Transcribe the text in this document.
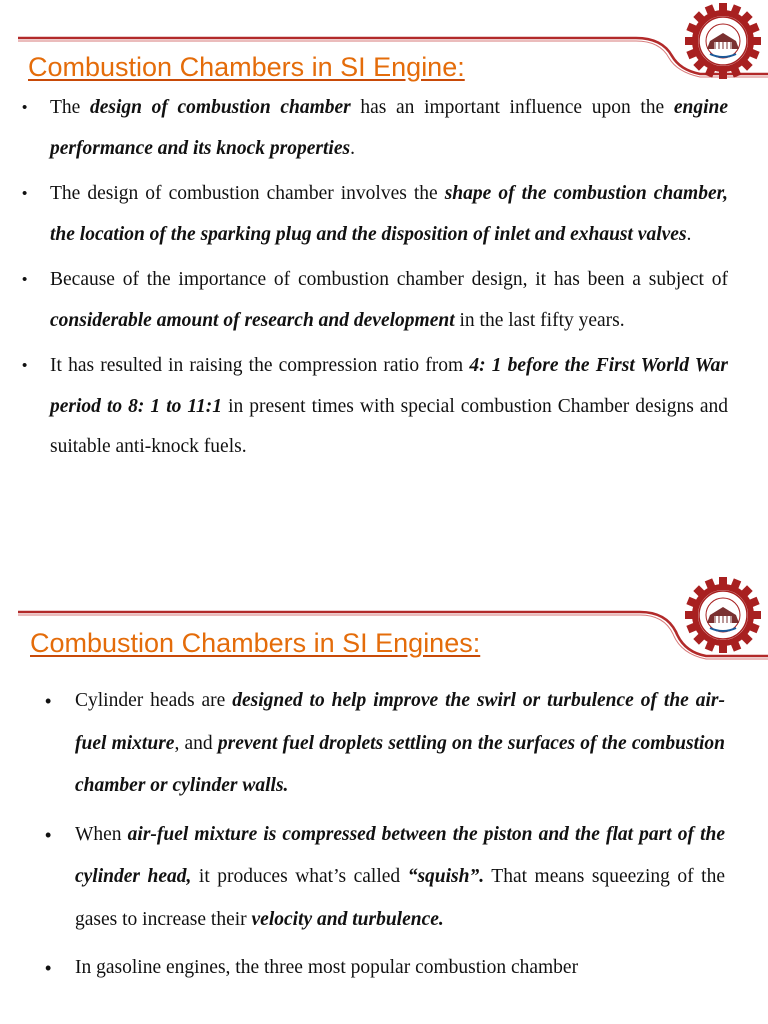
Combustion Chambers in SI Engine:
• The design of combustion chamber has an important influence upon the engine performance and its knock properties.
• The design of combustion chamber involves the shape of the combustion chamber, the location of the sparking plug and the disposition of inlet and exhaust valves.
• Because of the importance of combustion chamber design, it has been a subject of considerable amount of research and development in the last fifty years.
• It has resulted in raising the compression ratio from 4: 1 before the First World War period to 8: 1 to 11:1 in present times with special combustion Chamber designs and suitable anti-knock fuels.
Combustion Chambers in SI Engines:
• Cylinder heads are designed to help improve the swirl or turbulence of the air-fuel mixture, and prevent fuel droplets settling on the surfaces of the combustion chamber or cylinder walls.
• When air-fuel mixture is compressed between the piston and the flat part of the cylinder head, it produces what’s called “squish”. That means squeezing of the gases to increase their velocity and turbulence.
• In gasoline engines, the three most popular combustion chamber
